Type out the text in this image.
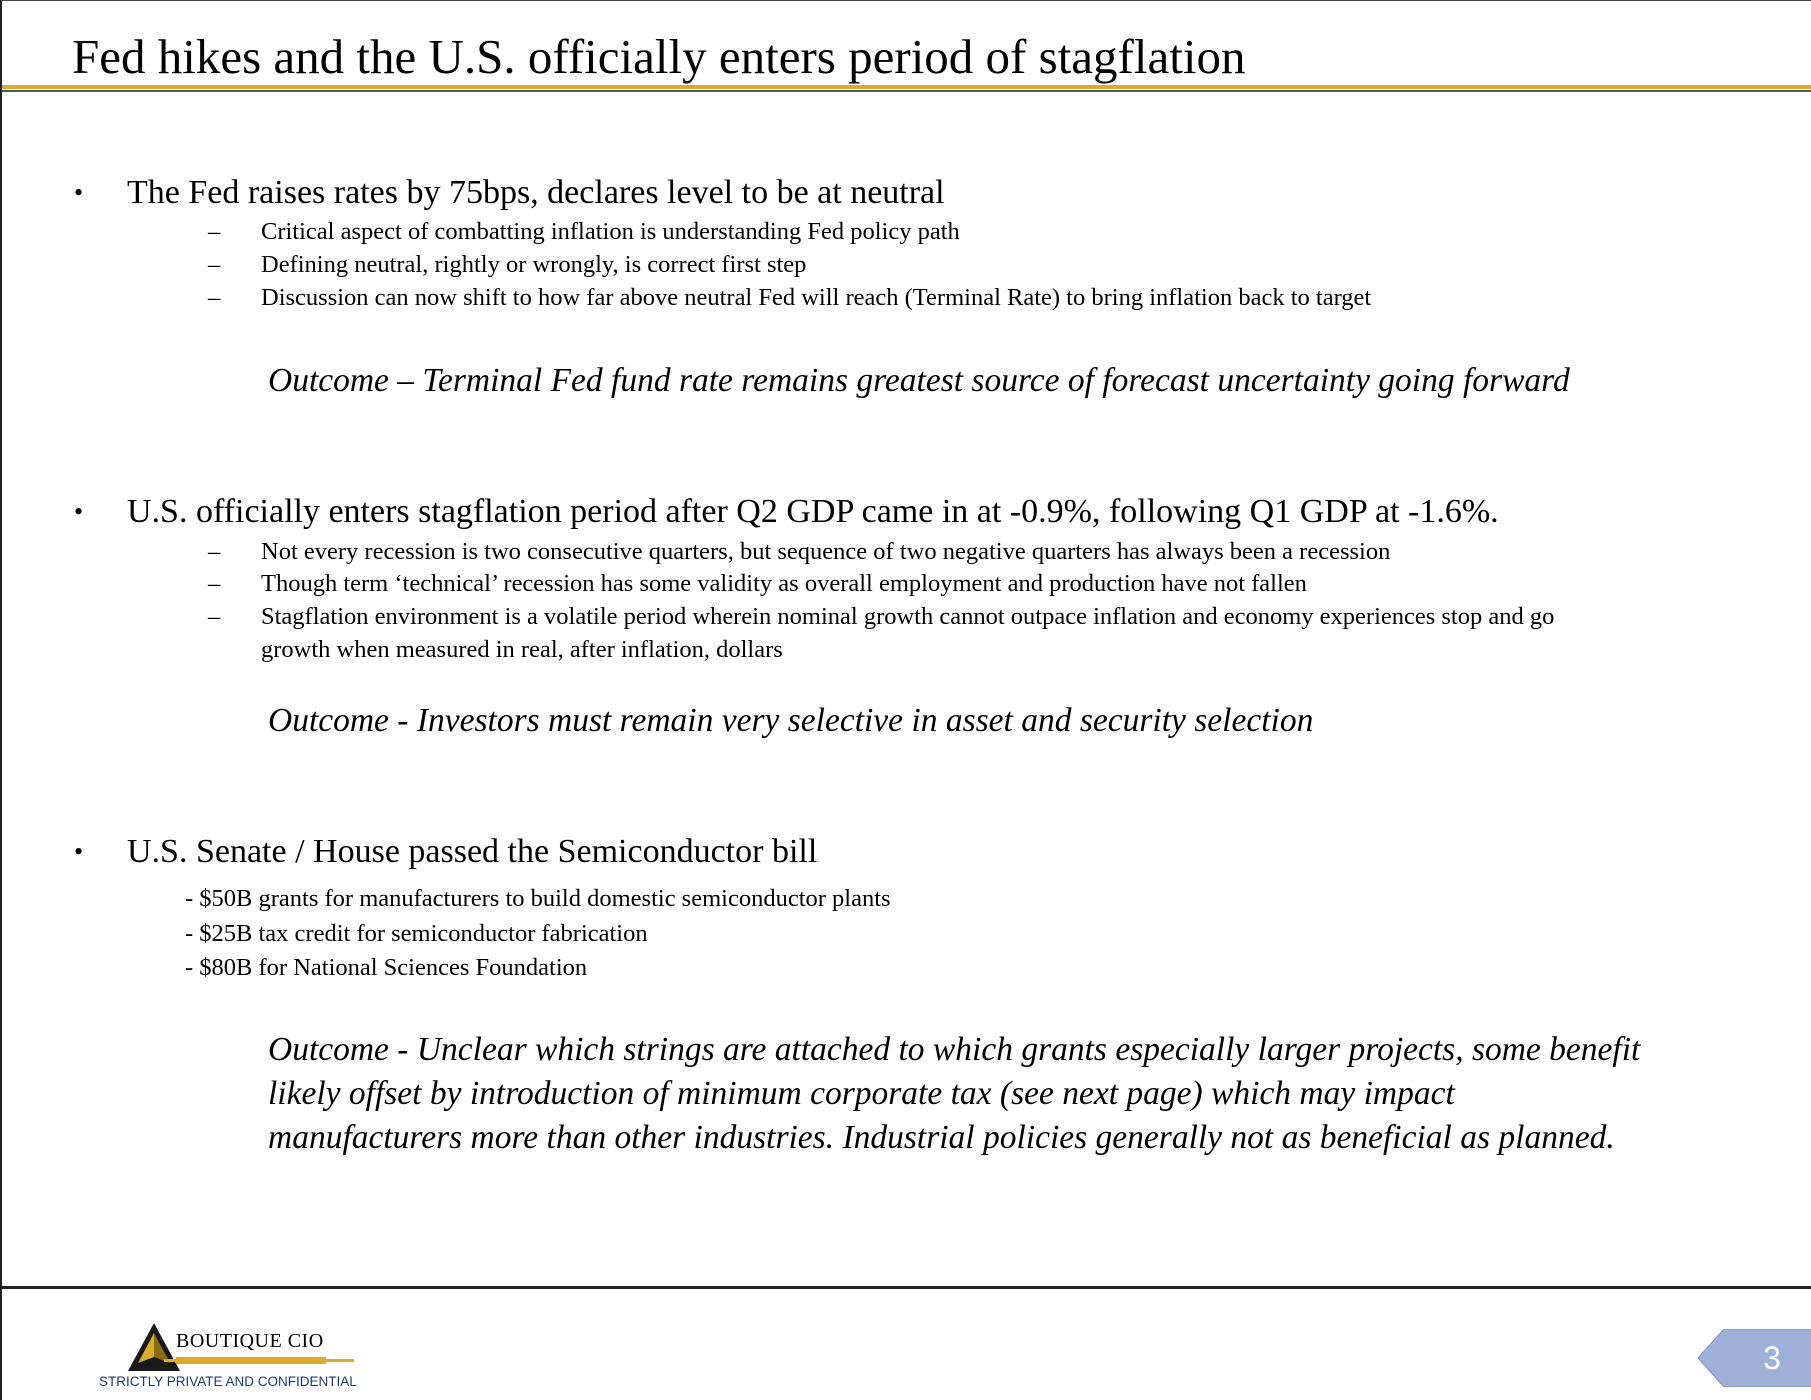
Fed hikes and the U.S. officially enters period of stagflation
• The Fed raises rates by 75bps, declares level to be at neutral
– Critical aspect of combatting inflation is understanding Fed policy path
– Defining neutral, rightly or wrongly, is correct first step
– Discussion can now shift to how far above neutral Fed will reach (Terminal Rate) to bring inflation back to target
Outcome – Terminal Fed fund rate remains greatest source of forecast uncertainty going forward
• U.S. officially enters stagflation period after Q2 GDP came in at -0.9%, following Q1 GDP at -1.6%.
– Not every recession is two consecutive quarters, but sequence of two negative quarters has always been a recession
– Though term ‘technical’ recession has some validity as overall employment and production have not fallen
– Stagflation environment is a volatile period wherein nominal growth cannot outpace inflation and economy experiences stop and go
growth when measured in real, after inflation, dollars
Outcome - Investors must remain very selective in asset and security selection
• U.S. Senate / House passed the Semiconductor bill
- $50B grants for manufacturers to build domestic semiconductor plants
- $25B tax credit for semiconductor fabrication
- $80B for National Sciences Foundation
Outcome - Unclear which strings are attached to which grants especially larger projects, some benefit
likely offset by introduction of minimum corporate tax (see next page) which may impact
manufacturers more than other industries. Industrial policies generally not as beneficial as planned.
BOUTIQUE CIO
STRICTLY PRIVATE AND CONFIDENTIAL
3
